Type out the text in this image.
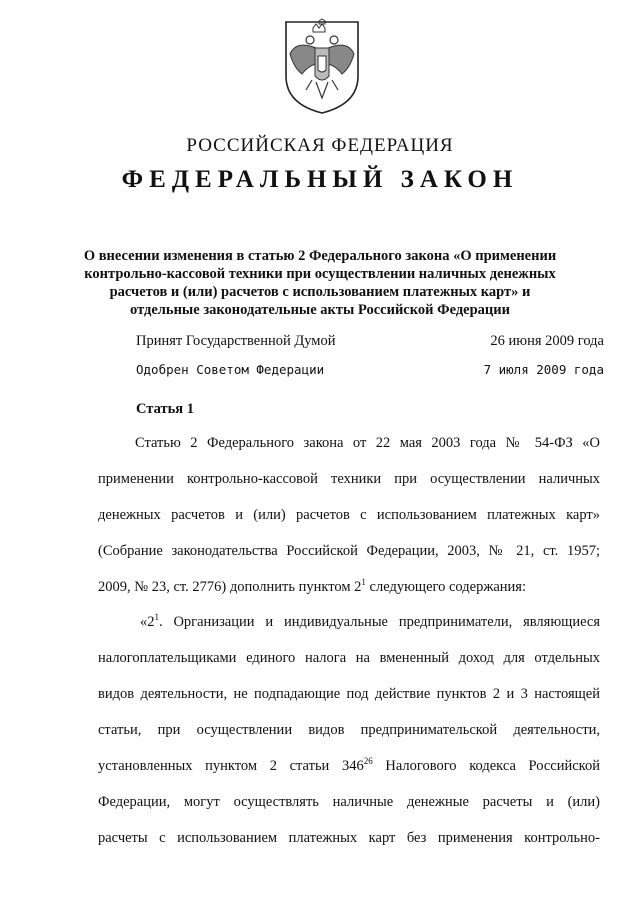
РОССИЙСКАЯ ФЕДЕРАЦИЯ
ФЕДЕРАЛЬНЫЙ ЗАКОН
О внесении изменения в статью 2 Федерального закона «О применении
контрольно-кассовой техники при осуществлении наличных денежных
расчетов и (или) расчетов с использованием платежных карт» и
отдельные законодательные акты Российской Федерации
Принят Государственной Думой	26 июня 2009 года
Одобрен Советом Федерации	7 июля 2009 года
Статья 1
Статью 2 Федерального закона от 22 мая 2003 года № 54-ФЗ «О
применении контрольно-кассовой техники при осуществлении наличных
денежных расчетов и (или) расчетов с использованием платежных карт»
(Собрание законодательства Российской Федерации, 2003, № 21, ст. 1957;
2009, № 23, ст. 2776) дополнить пунктом $2^1$ следующего содержания:
«$2^1$. Организации и индивидуальные предприниматели, являющиеся
налогоплательщиками единого налога на вмененный доход для отдельных
видов деятельности, не подпадающие под действие пунктов 2 и 3 настоящей
статьи, при осуществлении видов предпринимательской деятельности,
установленных пунктом 2 статьи $346^{26}$ Налогового кодекса Российской
Федерации, могут осуществлять наличные денежные расчеты и (или)
расчеты с использованием платежных карт без применения контрольно-
